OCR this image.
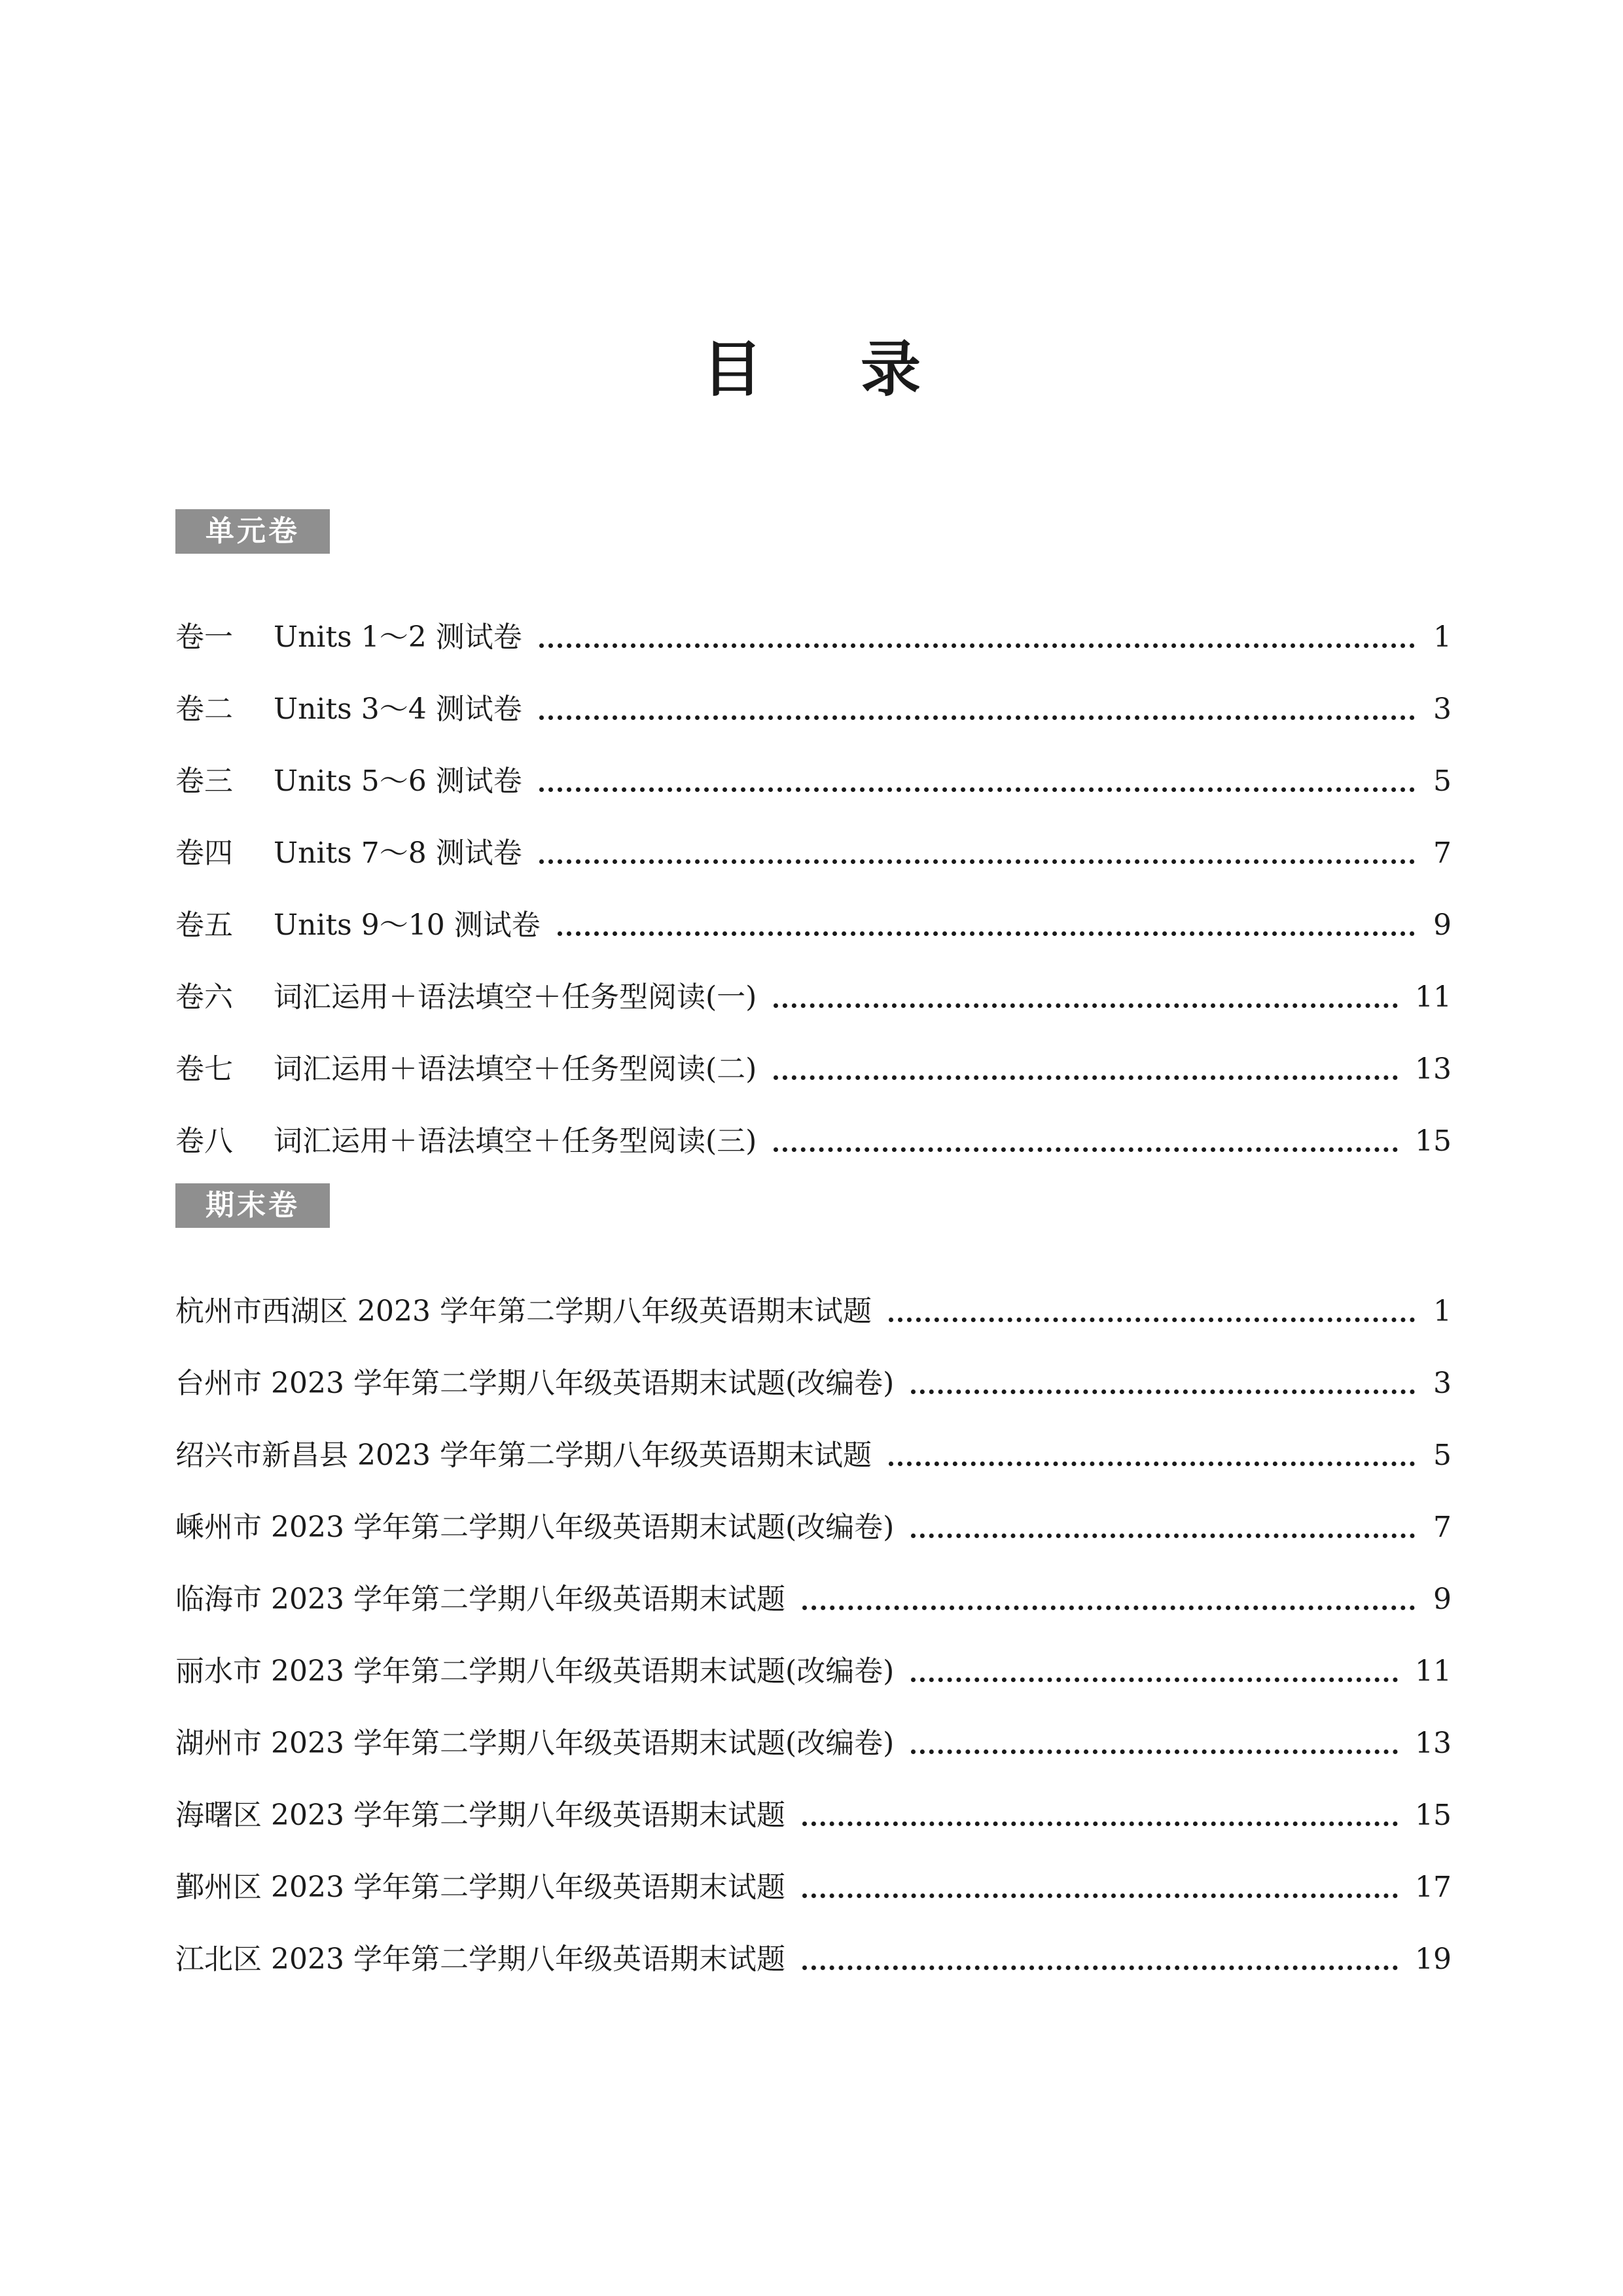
目录
单元卷
卷一	Units 1～2 测试卷	1
卷二	Units 3～4 测试卷	3
卷三	Units 5～6 测试卷	5
卷四	Units 7～8 测试卷	7
卷五	Units 9～10 测试卷	9
卷六	词汇运用＋语法填空＋任务型阅读(一)	11
卷七	词汇运用＋语法填空＋任务型阅读(二)	13
卷八	词汇运用＋语法填空＋任务型阅读(三)	15
期末卷
杭州市西湖区 2023 学年第二学期八年级英语期末试题	1
台州市 2023 学年第二学期八年级英语期末试题(改编卷)	3
绍兴市新昌县 2023 学年第二学期八年级英语期末试题	5
嵊州市 2023 学年第二学期八年级英语期末试题(改编卷)	7
临海市 2023 学年第二学期八年级英语期末试题	9
丽水市 2023 学年第二学期八年级英语期末试题(改编卷)	11
湖州市 2023 学年第二学期八年级英语期末试题(改编卷)	13
海曙区 2023 学年第二学期八年级英语期末试题	15
鄞州区 2023 学年第二学期八年级英语期末试题	17
江北区 2023 学年第二学期八年级英语期末试题	19
